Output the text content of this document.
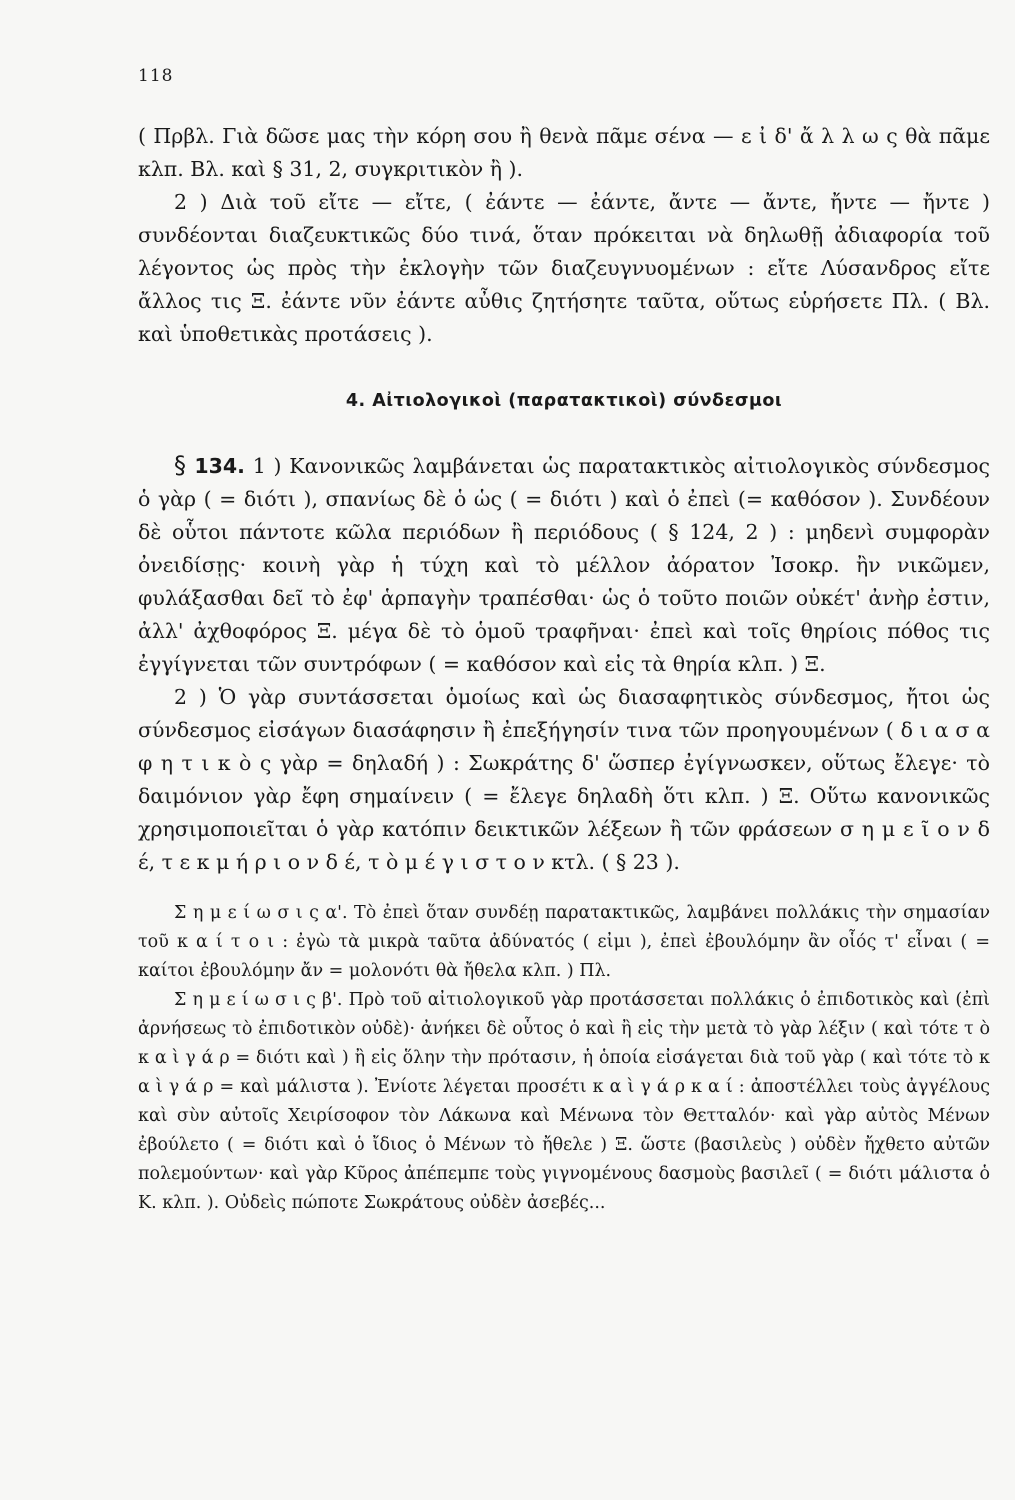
118

( Πρβλ. Γιὰ δῶσε μας τὴν κόρη σου ἢ θενὰ πᾶμε σένα — ε ἰ δ' ἄ λ λ ω ς θὰ πᾶμε κλπ. Βλ. καὶ § 31, 2, συγκριτικὸν ἢ ).

2 ) Διὰ τοῦ εἴτε — εἴτε, ( ἐάντε — ἐάντε, ἄντε — ἄντε, ἤντε — ἤντε ) συνδέονται διαζευκτικῶς δύο τινά, ὅταν πρόκειται νὰ δηλωθῇ ἀδιαφορία τοῦ λέγοντος ὡς πρὸς τὴν ἐκλογὴν τῶν διαζευγνυομένων : εἴτε Λύσανδρος εἴτε ἄλλος τις Ξ. ἐάντε νῦν ἐάντε αὖθις ζητήσητε ταῦτα, οὕτως εὑρήσετε Πλ. ( Βλ. καὶ ὑποθετικὰς προτάσεις ).

4. Αἰτιολογικοὶ (παρατακτικοὶ) σύνδεσμοι

§ 134. 1 ) Κανονικῶς λαμβάνεται ὡς παρατακτικὸς αἰτιολογικὸς σύνδεσμος ὁ γὰρ ( = διότι ), σπανίως δὲ ὁ ὡς ( = διότι ) καὶ ὁ ἐπεὶ (= καθόσον ). Συνδέουν δὲ οὗτοι πάντοτε κῶλα περιόδων ἢ περιόδους ( § 124, 2 ) : μηδενὶ συμφορὰν ὀνειδίσῃς· κοινὴ γὰρ ἡ τύχη καὶ τὸ μέλλον ἀόρατον Ἰσοκρ. ἢν νικῶμεν, φυλάξασθαι δεῖ τὸ ἐφ' ἁρπαγὴν τραπέσθαι· ὡς ὁ τοῦτο ποιῶν οὐκέτ' ἀνὴρ ἐστιν, ἀλλ' ἀχθοφόρος Ξ. μέγα δὲ τὸ ὁμοῦ τραφῆναι· ἐπεὶ καὶ τοῖς θηρίοις πόθος τις ἐγγίγνεται τῶν συντρόφων ( = καθόσον καὶ εἰς τὰ θηρία κλπ. ) Ξ.

2 ) Ὁ γὰρ συντάσσεται ὁμοίως καὶ ὡς διασαφητικὸς σύνδεσμος, ἤτοι ὡς σύνδεσμος εἰσάγων διασάφησιν ἢ ἐπεξήγησίν τινα τῶν προηγουμένων ( δ ι α σ α φ η τ ι κ ὸ ς γὰρ = δηλαδή ) : Σωκράτης δ' ὥσπερ ἐγίγνωσκεν, οὕτως ἔλεγε· τὸ δαιμόνιον γὰρ ἔφη σημαίνειν ( = ἔλεγε δηλαδὴ ὅτι κλπ. ) Ξ. Οὕτω κανονικῶς χρησιμοποιεῖται ὁ γὰρ κατόπιν δεικτικῶν λέξεων ἢ τῶν φράσεων σ η μ ε ῖ ο ν δ έ, τ ε κ μ ή ρ ι ο ν δ έ, τ ὸ μ έ γ ι σ τ ο ν κτλ. ( § 23 ).

Σ η μ ε ί ω σ ι ς α'. Τὸ ἐπεὶ ὅταν συνδέῃ παρατακτικῶς, λαμβάνει πολλάκις τὴν σημασίαν τοῦ κ α ί τ ο ι : ἐγὼ τὰ μικρὰ ταῦτα ἀδύνατός ( εἰμι ), ἐπεὶ ἐβουλόμην ἂν οἷός τ' εἶναι ( = καίτοι ἐβουλόμην ἄν = μολονότι θὰ ἤθελα κλπ. ) Πλ.

Σ η μ ε ί ω σ ι ς β'. Πρὸ τοῦ αἰτιολογικοῦ γὰρ προτάσσεται πολλάκις ὁ ἐπιδοτικὸς καὶ (ἐπὶ ἀρνήσεως τὸ ἐπιδοτικὸν οὐδὲ)· ἀνήκει δὲ οὗτος ὁ καὶ ἢ εἰς τὴν μετὰ τὸ γὰρ λέξιν ( καὶ τότε τ ὸ κ α ὶ γ ά ρ = διότι καὶ ) ἢ εἰς ὅλην τὴν πρότασιν, ἡ ὁποία εἰσάγεται διὰ τοῦ γὰρ ( καὶ τότε τὸ κ α ὶ γ ά ρ = καὶ μάλιστα ). Ἐνίοτε λέγεται προσέτι κ α ὶ γ ά ρ κ α ί : ἀποστέλλει τοὺς ἀγγέλους καὶ σὺν αὐτοῖς Χειρίσοφον τὸν Λάκωνα καὶ Μένωνα τὸν Θετταλόν· καὶ γὰρ αὐτὸς Μένων ἐβούλετο ( = διότι καὶ ὁ ἴδιος ὁ Μένων τὸ ἤθελε ) Ξ. ὥστε (βασιλεὺς ) οὐδὲν ἤχθετο αὐτῶν πολεμούντων· καὶ γὰρ Κῦρος ἀπέπεμπε τοὺς γιγνομένους δασμοὺς βασιλεῖ ( = διότι μάλιστα ὁ Κ. κλπ. ). Οὐδεὶς πώποτε Σωκράτους οὐδὲν ἀσεβές...
